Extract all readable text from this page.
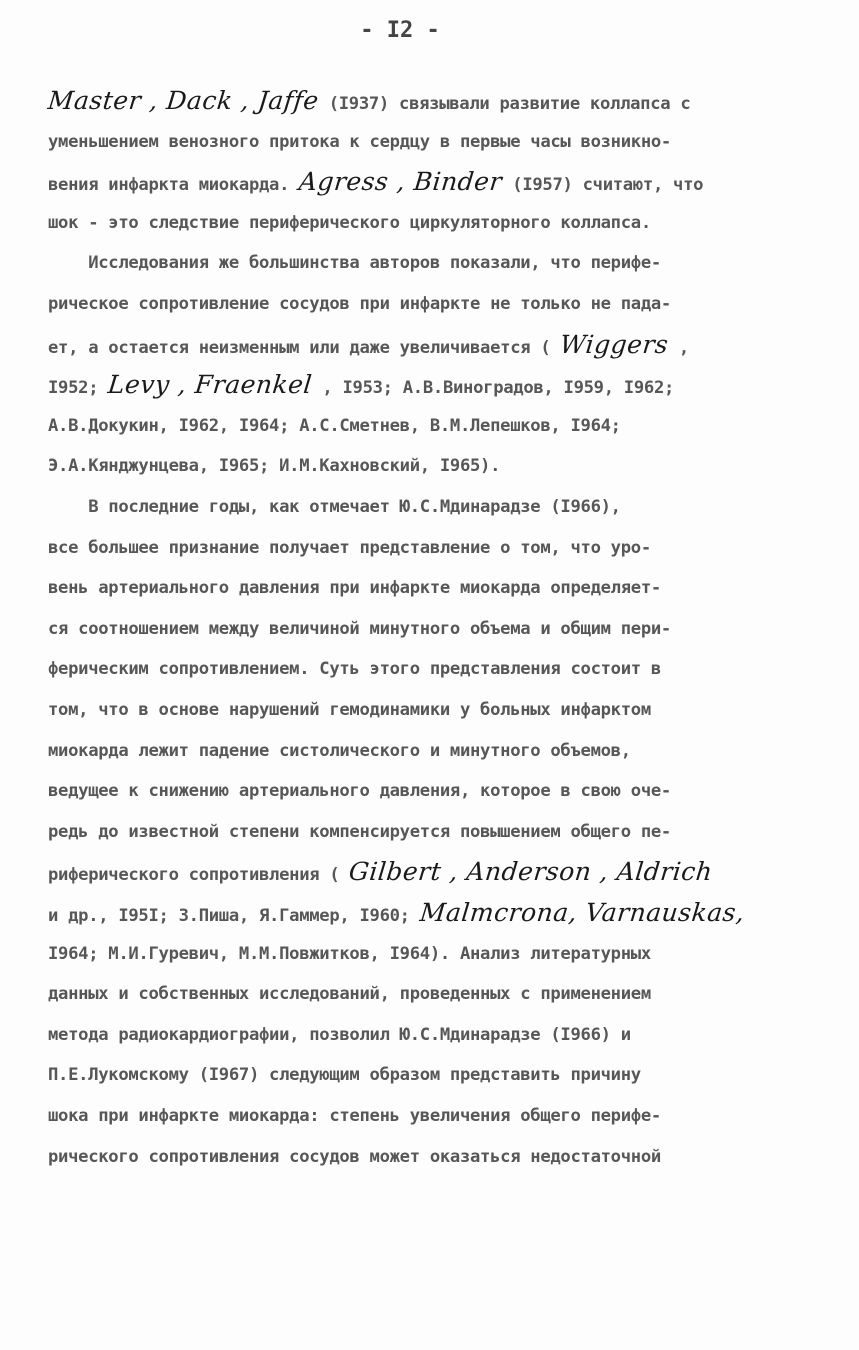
- I2 -
Master , Dack , Jaffe (I937) связывали развитие коллапса с
уменьшением венозного притока к сердцу в первые часы возникно-
вения инфаркта миокарда. Agress , Binder (I957) считают, что
шок - это следствие периферического циркуляторного коллапса.
Исследования же большинства авторов показали, что перифе-
рическое сопротивление сосудов при инфаркте не только не пада-
ет, а остается неизменным или даже увеличивается ( Wiggers ,
I952; Levy , Fraenkel , I953; А.В.Виноградов, I959, I962;
А.В.Докукин, I962, I964; А.С.Сметнев, В.М.Лепешков, I964;
Э.А.Кянджунцева, I965; И.М.Кахновский, I965).
В последние годы, как отмечает Ю.С.Мдинарадзе (I966),
все большее признание получает представление о том, что уро-
вень артериального давления при инфаркте миокарда определяет-
ся соотношением между величиной минутного объема и общим пери-
ферическим сопротивлением. Суть этого представления состоит в
том, что в основе нарушений гемодинамики у больных инфарктом
миокарда лежит падение систолического и минутного объемов,
ведущее к снижению артериального давления, которое в свою оче-
редь до известной степени компенсируется повышением общего пе-
риферического сопротивления ( Gilbert , Anderson , Aldrich
и др., I95I; З.Пиша, Я.Гаммер, I960; Malmcrona, Varnauskas,
I964; М.И.Гуревич, М.М.Повжитков, I964). Анализ литературных
данных и собственных исследований, проведенных с применением
метода радиокардиографии, позволил Ю.С.Мдинарадзе (I966) и
П.Е.Лукомскому (I967) следующим образом представить причину
шока при инфаркте миокарда: степень увеличения общего перифе-
рического сопротивления сосудов может оказаться недостаточной
